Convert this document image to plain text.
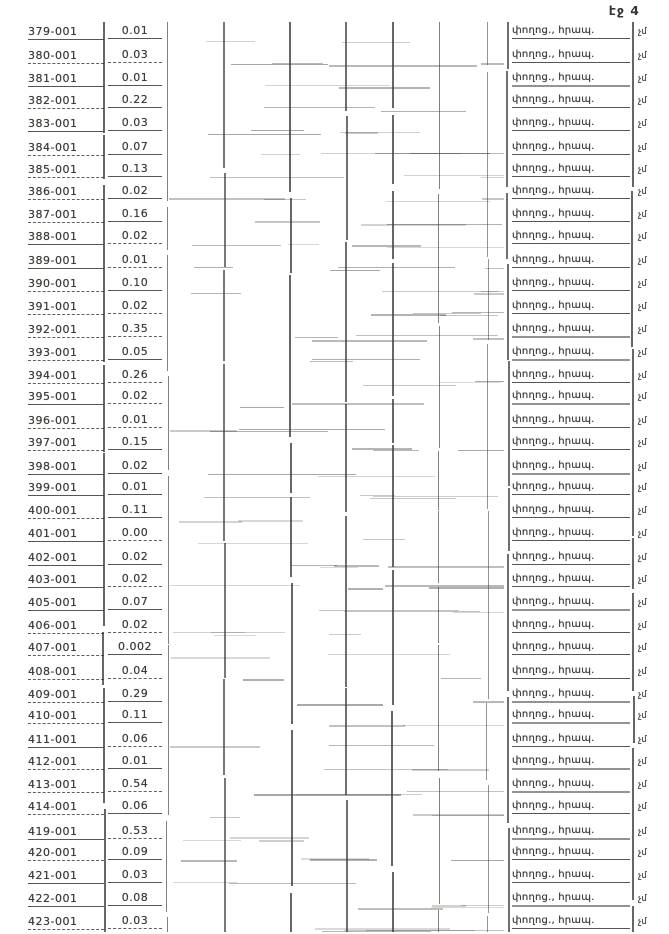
էջ 4
379-001	0.01	փողոց., հրապ.	չմ
380-001	0.03	փողոց., հրապ.	չմ
381-001	0.01	փողոց., հրապ.	չմ
382-001	0.22	փողոց., հրապ.	չմ
383-001	0.03	փողոց., հրապ.	չմ
384-001	0.07	փողոց., հրապ.	չմ
385-001	0.13	փողոց., հրապ.	չմ
386-001	0.02	փողոց., հրապ.	չմ
387-001	0.16	փողոց., հրապ.	չմ
388-001	0.02	փողոց., հրապ.	չմ
389-001	0.01	փողոց., հրապ.	չմ
390-001	0.10	փողոց., հրապ.	չմ
391-001	0.02	փողոց., հրապ.	չմ
392-001	0.35	փողոց., հրապ.	չմ
393-001	0.05	փողոց., հրապ.	չմ
394-001	0.26	փողոց., հրապ.	չմ
395-001	0.02	փողոց., հրապ.	չմ
396-001	0.01	փողոց., հրապ.	չմ
397-001	0.15	փողոց., հրապ.	չմ
398-001	0.02	փողոց., հրապ.	չմ
399-001	0.01	փողոց., հրապ.	չմ
400-001	0.11	փողոց., հրապ.	չմ
401-001	0.00	փողոց., հրապ.	չմ
402-001	0.02	փողոց., հրապ.	չմ
403-001	0.02	փողոց., հրապ.	չմ
405-001	0.07	փողոց., հրապ.	չմ
406-001	0.02	փողոց., հրապ.	չմ
407-001	0.002	փողոց., հրապ.	չմ
408-001	0.04	փողոց., հրապ.	չմ
409-001	0.29	փողոց., հրապ.	չմ
410-001	0.11	փողոց., հրապ.	չմ
411-001	0.06	փողոց., հրապ.	չմ
412-001	0.01	փողոց., հրապ.	չմ
413-001	0.54	փողոց., հրապ.	չմ
414-001	0.06	փողոց., հրապ.	չմ
419-001	0.53	փողոց., հրապ.	չմ
420-001	0.09	փողոց., հրապ.	չմ
421-001	0.03	փողոց., հրապ.	չմ
422-001	0.08	փողոց., հրապ.	չմ
423-001	0.03	փողոց., հրապ.	չմ
